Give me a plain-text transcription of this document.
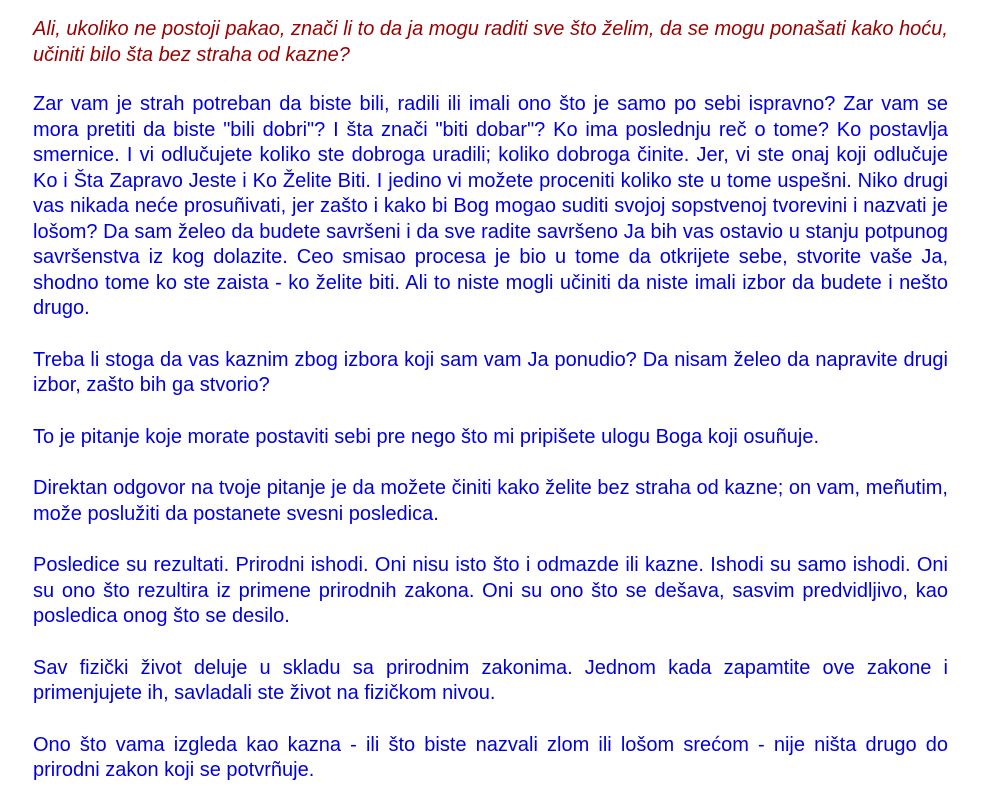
Ali, ukoliko ne postoji pakao, znači li to da ja mogu raditi sve što želim, da se mogu ponašati kako hoću, učiniti bilo šta bez straha od kazne?

Zar vam je strah potreban da biste bili, radili ili imali ono što je samo po sebi ispravno? Zar vam se mora pretiti da biste "bili dobri"? I šta znači "biti dobar"? Ko ima poslednju reč o tome? Ko postavlja smernice. I vi odlučujete koliko ste dobroga uradili; koliko dobroga činite. Jer, vi ste onaj koji odlučuje Ko i Šta Zapravo Jeste i Ko Želite Biti. I jedino vi možete proceniti koliko ste u tome uspešni. Niko drugi vas nikada neće prosuñivati, jer zašto i kako bi Bog mogao suditi svojoj sopstvenoj tvorevini i nazvati je lošom? Da sam želeo da budete savršeni i da sve radite savršeno Ja bih vas ostavio u stanju potpunog savršenstva iz kog dolazite. Ceo smisao procesa je bio u tome da otkrijete sebe, stvorite vaše Ja, shodno tome ko ste zaista - ko želite biti. Ali to niste mogli učiniti da niste imali izbor da budete i nešto drugo.

Treba li stoga da vas kaznim zbog izbora koji sam vam Ja ponudio? Da nisam želeo da napravite drugi izbor, zašto bih ga stvorio?

To je pitanje koje morate postaviti sebi pre nego što mi pripišete ulogu Boga koji osuñuje.

Direktan odgovor na tvoje pitanje je da možete činiti kako želite bez straha od kazne; on vam, meñutim, može poslužiti da postanete svesni posledica.

Posledice su rezultati. Prirodni ishodi. Oni nisu isto što i odmazde ili kazne. Ishodi su samo ishodi. Oni su ono što rezultira iz primene prirodnih zakona. Oni su ono što se dešava, sasvim predvidljivo, kao posledica onog što se desilo.

Sav fizički život deluje u skladu sa prirodnim zakonima. Jednom kada zapamtite ove zakone i primenjujete ih, savladali ste život na fizičkom nivou.

Ono što vama izgleda kao kazna - ili što biste nazvali zlom ili lošom srećom - nije ništa drugo do prirodni zakon koji se potvrñuje.
